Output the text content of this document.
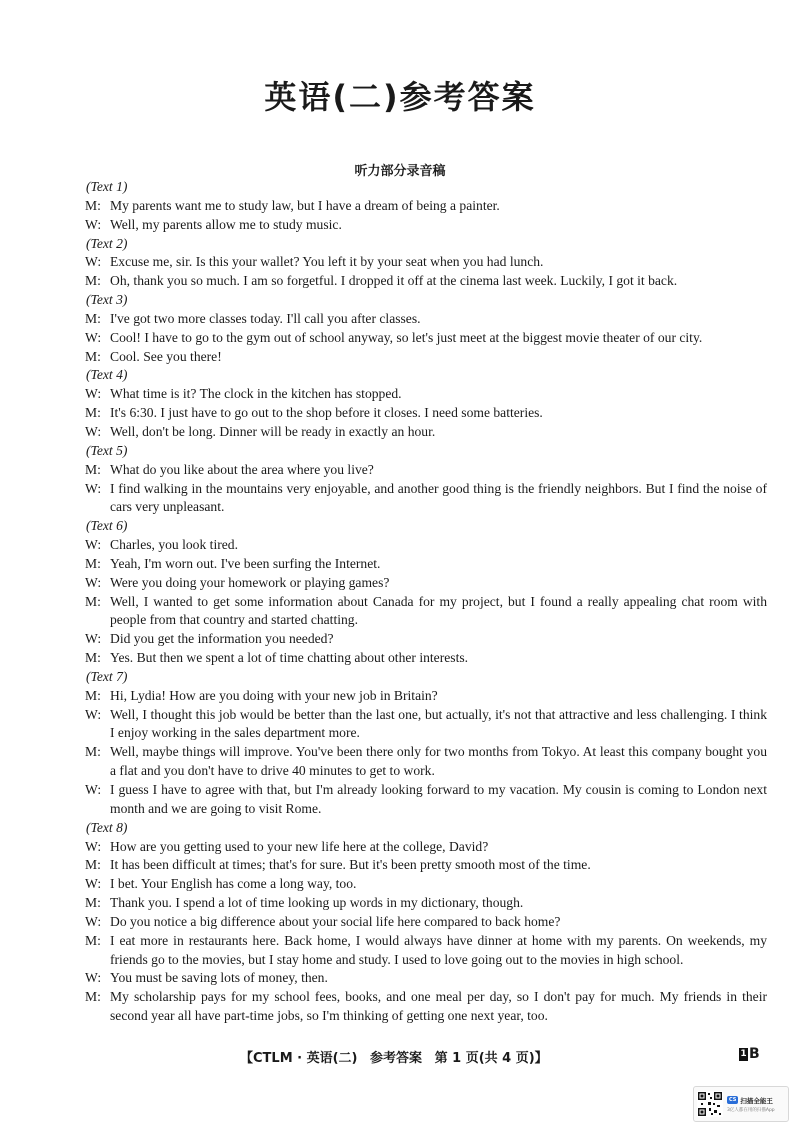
英语(二)参考答案
听力部分录音稿
(Text 1)
M: My parents want me to study law, but I have a dream of being a painter.
W: Well, my parents allow me to study music.
(Text 2)
W: Excuse me, sir. Is this your wallet? You left it by your seat when you had lunch.
M: Oh, thank you so much. I am so forgetful. I dropped it off at the cinema last week. Luckily, I got it back.
(Text 3)
M: I've got two more classes today. I'll call you after classes.
W: Cool! I have to go to the gym out of school anyway, so let's just meet at the biggest movie theater of our city.
M: Cool. See you there!
(Text 4)
W: What time is it? The clock in the kitchen has stopped.
M: It's 6:30. I just have to go out to the shop before it closes. I need some batteries.
W: Well, don't be long. Dinner will be ready in exactly an hour.
(Text 5)
M: What do you like about the area where you live?
W: I find walking in the mountains very enjoyable, and another good thing is the friendly neighbors. But I find the noise of cars very unpleasant.
(Text 6)
W: Charles, you look tired.
M: Yeah, I'm worn out. I've been surfing the Internet.
W: Were you doing your homework or playing games?
M: Well, I wanted to get some information about Canada for my project, but I found a really appealing chat room with people from that country and started chatting.
W: Did you get the information you needed?
M: Yes. But then we spent a lot of time chatting about other interests.
(Text 7)
M: Hi, Lydia! How are you doing with your new job in Britain?
W: Well, I thought this job would be better than the last one, but actually, it's not that attractive and less challenging. I think I enjoy working in the sales department more.
M: Well, maybe things will improve. You've been there only for two months from Tokyo. At least this company bought you a flat and you don't have to drive 40 minutes to get to work.
W: I guess I have to agree with that, but I'm already looking forward to my vacation. My cousin is coming to London next month and we are going to visit Rome.
(Text 8)
W: How are you getting used to your new life here at the college, David?
M: It has been difficult at times; that's for sure. But it's been pretty smooth most of the time.
W: I bet. Your English has come a long way, too.
M: Thank you. I spend a lot of time looking up words in my dictionary, though.
W: Do you notice a big difference about your social life here compared to back home?
M: I eat more in restaurants here. Back home, I would always have dinner at home with my parents. On weekends, my friends go to the movies, but I stay home and study. I used to love going out to the movies in high school.
W: You must be saving lots of money, then.
M: My scholarship pays for my school fees, books, and one meal per day, so I don't pay for much. My friends in their second year all have part-time jobs, so I'm thinking of getting one next year, too.
【CTLM · 英语(二) 参考答案 第 1 页(共 4 页)】	1 B
CS 扫描全能王
3亿人都在用的扫描App
